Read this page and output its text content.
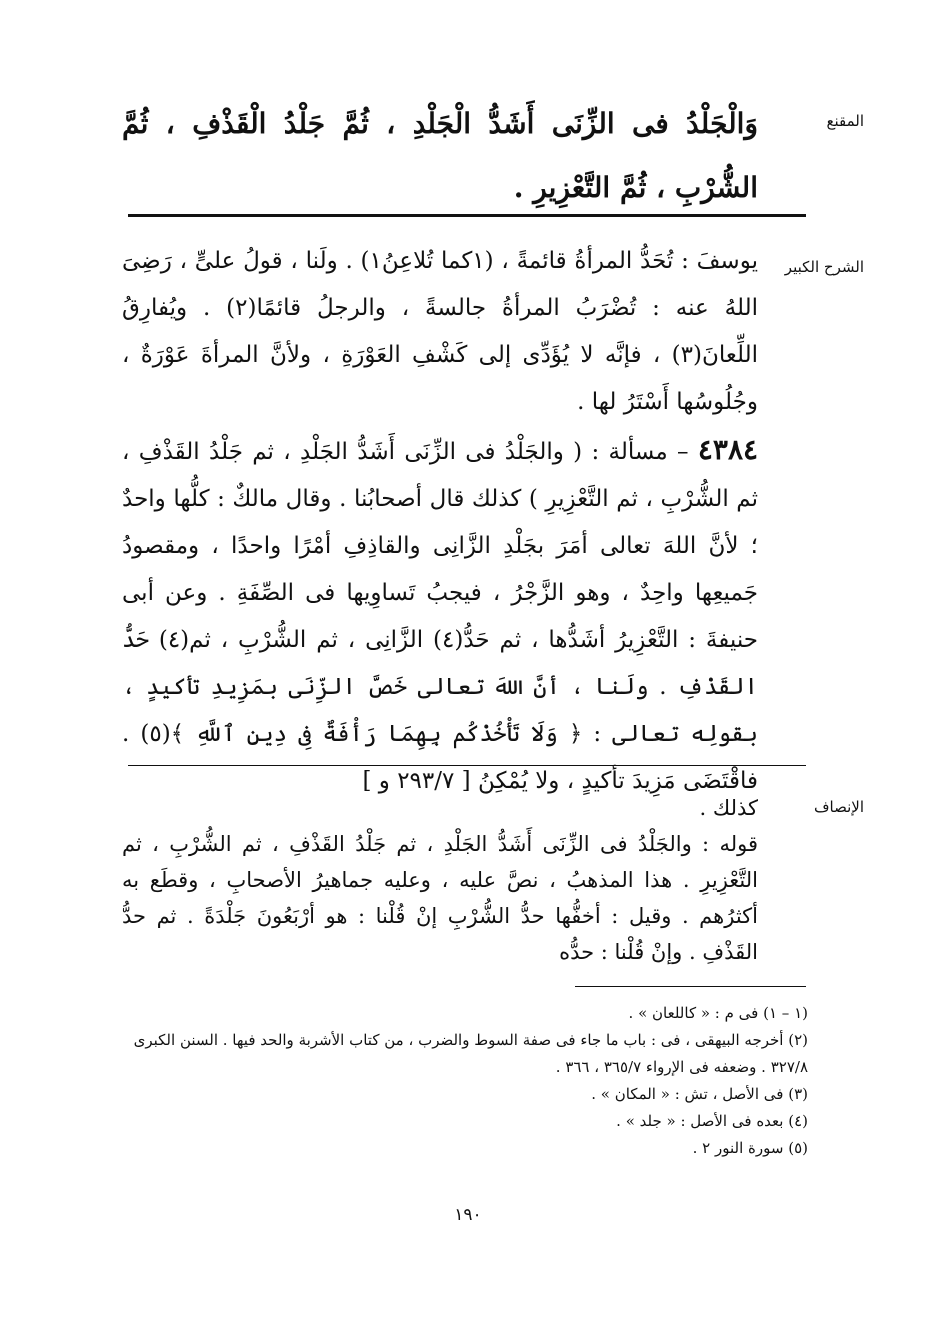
المقنع
وَالْجَلْدُ فى الزِّنَى أَشَدُّ الْجَلْدِ ، ثُمَّ جَلْدُ الْقَذْفِ ، ثُمَّ الشُّرْبِ ، ثُمَّ التَّعْزِيرِ .
الشرح الكبير
يوسفَ : تُحَدُّ المرأةُ قائمةً ، (١كما تُلاعِنُ١) . ولَنا ، قولُ علىٍّ ، رَضِىَ اللهُ عنه : تُضْرَبُ المرأةُ جالسةً ، والرجلُ قائمًا(٢) . ويُفارِقُ اللِّعانَ(٣) ، فإنَّه لا يُؤَدِّى إلى كَشْفِ العَوْرَةِ ، ولأنَّ المرأةَ عَوْرَةٌ ، وجُلُوسُها أَسْتَرُ لها .
٤٣٨٤ – مسألة : ( والجَلْدُ فى الزِّنَى أَشَدُّ الجَلْدِ ، ثم جَلْدُ القَذْفِ ، ثم الشُّرْبِ ، ثم التَّعْزِيرِ ) كذلك قال أصحابُنا . وقال مالكٌ : كلُّها واحدٌ ؛ لأنَّ اللهَ تعالى أمَرَ بجَلْدِ الزَّانِى والقاذِفِ أمْرًا واحدًا ، ومقصودُ جَميعِها واحِدٌ ، وهو الزَّجْرُ ، فيجبُ تَساوِيها فى الصِّفَةِ . وعن أبى حنيفةَ : التَّعْزِيرُ أشَدُّها ، ثم حَدُّ(٤) الزَّانِى ، ثم الشُّرْبِ ، ثم(٤) حَدُّ القَذْفِ . ولَنا ، أنَّ اللهَ تعالى خَصَّ الزِّنَى بمَزِيدِ تأكيدٍ ، بقولِه تعالى : ﴿ وَلَا تَأْخُذْكُم بِهِمَا رَأْفَةٌ فِى دِينِ ٱللَّهِ ﴾(٥) . فاقْتَضَى مَزِيدَ تأكيدٍ ، ولا يُمْكِنُ [ ٢٩٣/٧ و ]
الإنصاف
كذلك .
قوله : والجَلْدُ فى الزِّنَى أَشَدُّ الجَلْدِ ، ثم جَلْدُ القَذْفِ ، ثم الشُّرْبِ ، ثم التَّعْزِيرِ . هذا المذهبُ ، نصَّ عليه ، وعليه جماهيرُ الأصحابِ ، وقطَع به أكثرُهم . وقيل : أخفُّها حدُّ الشُّرْبِ إنْ قُلْنا : هو أرْبَعُونَ جَلْدَةً . ثم حدُّ القَذْفِ . وإنْ قُلْنا : حدُّه
(١ – ١) فى م : « كاللعان » .
(٢) أخرجه البيهقى ، فى : باب ما جاء فى صفة السوط والضرب ، من كتاب الأشربة والحد فيها . السنن الكبرى ٣٢٧/٨ . وضعفه فى الإرواء ٣٦٥/٧ ، ٣٦٦ .
(٣) فى الأصل ، تش : « المكان » .
(٤) بعده فى الأصل : « جلد » .
(٥) سورة النور ٢ .
١٩٠
